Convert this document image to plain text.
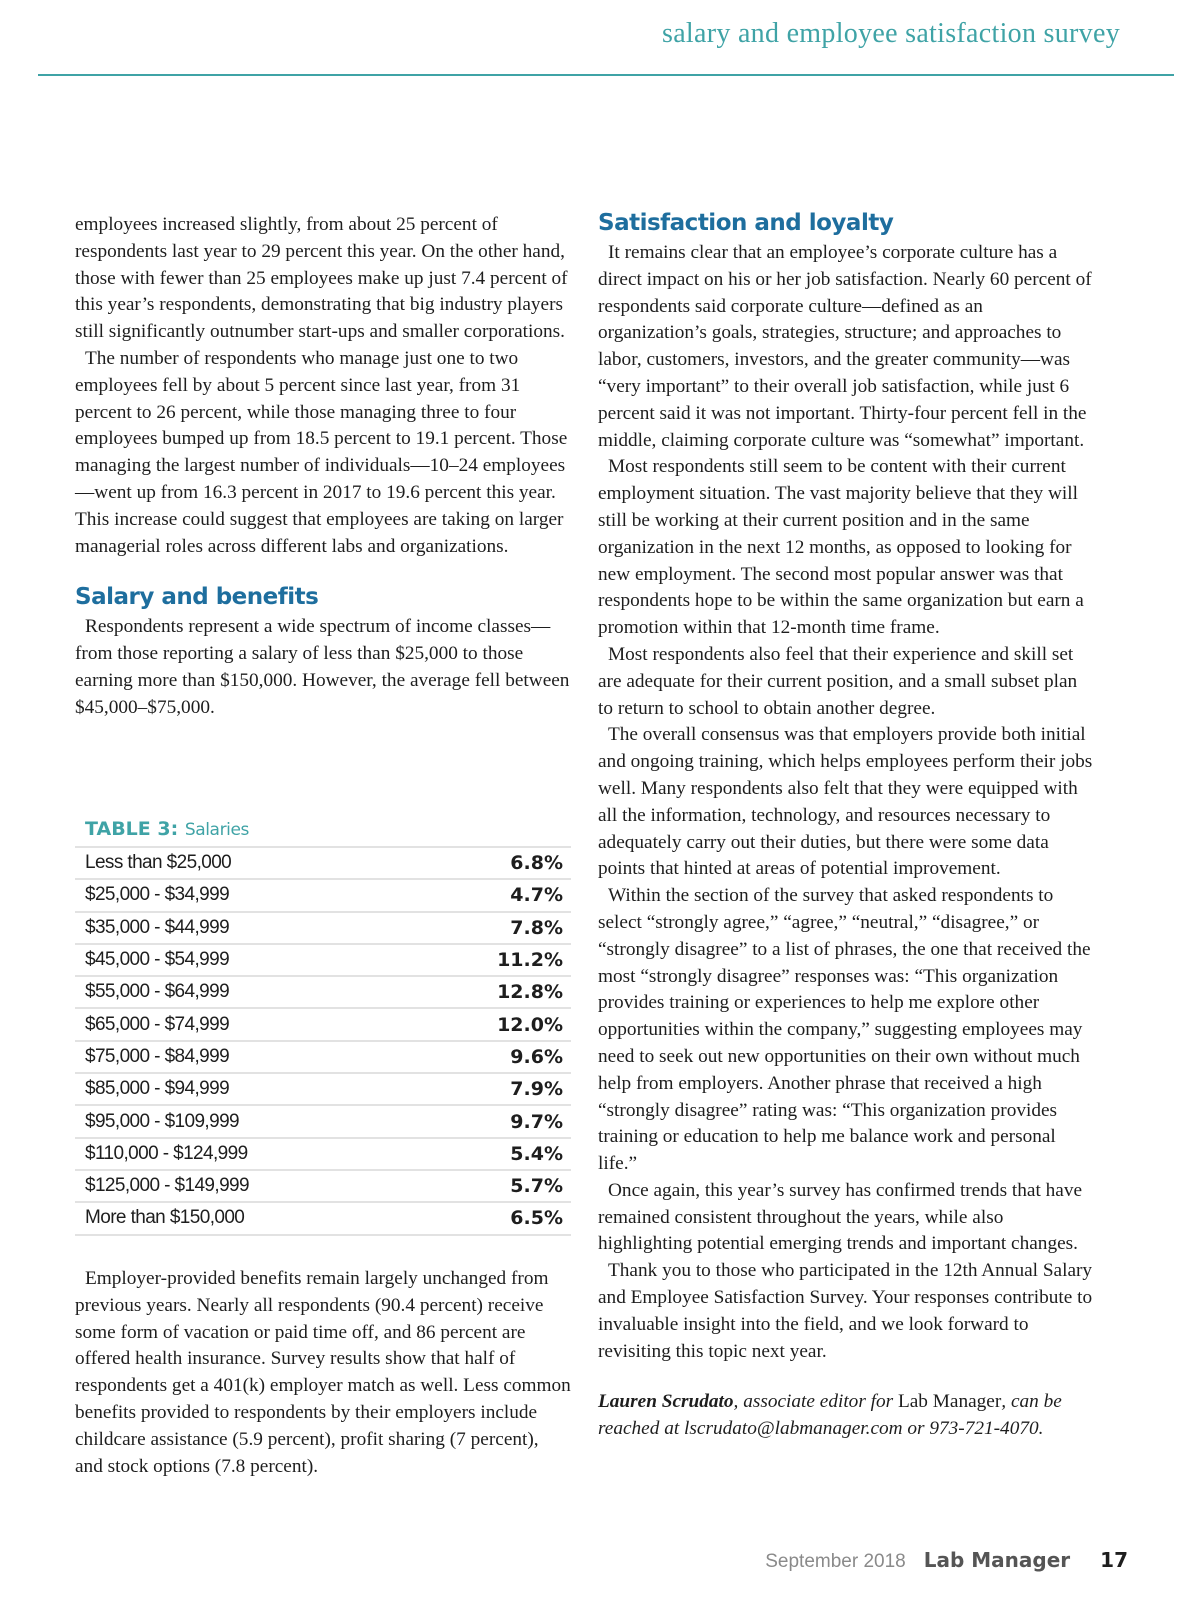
salary and employee satisfaction survey

employees increased slightly, from about 25 percent of respondents last year to 29 percent this year. On the other hand, those with fewer than 25 employees make up just 7.4 percent of this year’s respondents, demonstrating that big industry players still significantly outnumber start-ups and smaller corporations.

The number of respondents who manage just one to two employees fell by about 5 percent since last year, from 31 percent to 26 percent, while those managing three to four employees bumped up from 18.5 percent to 19.1 percent. Those managing the largest number of individuals—10–24 employees—went up from 16.3 percent in 2017 to 19.6 percent this year. This increase could suggest that employees are taking on larger managerial roles across different labs and organizations.

Salary and benefits

Respondents represent a wide spectrum of income classes—from those reporting a salary of less than $25,000 to those earning more than $150,000. However, the average fell between $45,000–$75,000.

TABLE 3: Salaries
Less than $25,000	6.8%
$25,000 - $34,999	4.7%
$35,000 - $44,999	7.8%
$45,000 - $54,999	11.2%
$55,000 - $64,999	12.8%
$65,000 - $74,999	12.0%
$75,000 - $84,999	9.6%
$85,000 - $94,999	7.9%
$95,000 - $109,999	9.7%
$110,000 - $124,999	5.4%
$125,000 - $149,999	5.7%
More than $150,000	6.5%

Employer-provided benefits remain largely unchanged from previous years. Nearly all respondents (90.4 percent) receive some form of vacation or paid time off, and 86 percent are offered health insurance. Survey results show that half of respondents get a 401(k) employer match as well. Less common benefits provided to respondents by their employers include childcare assistance (5.9 percent), profit sharing (7 percent), and stock options (7.8 percent).

Satisfaction and loyalty

It remains clear that an employee’s corporate culture has a direct impact on his or her job satisfaction. Nearly 60 percent of respondents said corporate culture—defined as an organization’s goals, strategies, structure; and approaches to labor, customers, investors, and the greater community—was “very important” to their overall job satisfaction, while just 6 percent said it was not important. Thirty-four percent fell in the middle, claiming corporate culture was “somewhat” important.

Most respondents still seem to be content with their current employment situation. The vast majority believe that they will still be working at their current position and in the same organization in the next 12 months, as opposed to looking for new employment. The second most popular answer was that respondents hope to be within the same organization but earn a promotion within that 12-month time frame.

Most respondents also feel that their experience and skill set are adequate for their current position, and a small subset plan to return to school to obtain another degree.

The overall consensus was that employers provide both initial and ongoing training, which helps employees perform their jobs well. Many respondents also felt that they were equipped with all the information, technology, and resources necessary to adequately carry out their duties, but there were some data points that hinted at areas of potential improvement.

Within the section of the survey that asked respondents to select “strongly agree,” “agree,” “neutral,” “disagree,” or “strongly disagree” to a list of phrases, the one that received the most “strongly disagree” responses was: “This organization provides training or experiences to help me explore other opportunities within the company,” suggesting employees may need to seek out new opportunities on their own without much help from employers. Another phrase that received a high “strongly disagree” rating was: “This organization provides training or education to help me balance work and personal life.”

Once again, this year’s survey has confirmed trends that have remained consistent throughout the years, while also highlighting potential emerging trends and important changes.

Thank you to those who participated in the 12th Annual Salary and Employee Satisfaction Survey. Your responses contribute to invaluable insight into the field, and we look forward to revisiting this topic next year.

Lauren Scrudato, associate editor for Lab Manager, can be reached at lscrudato@labmanager.com or 973-721-4070.

September 2018 Lab Manager 17
